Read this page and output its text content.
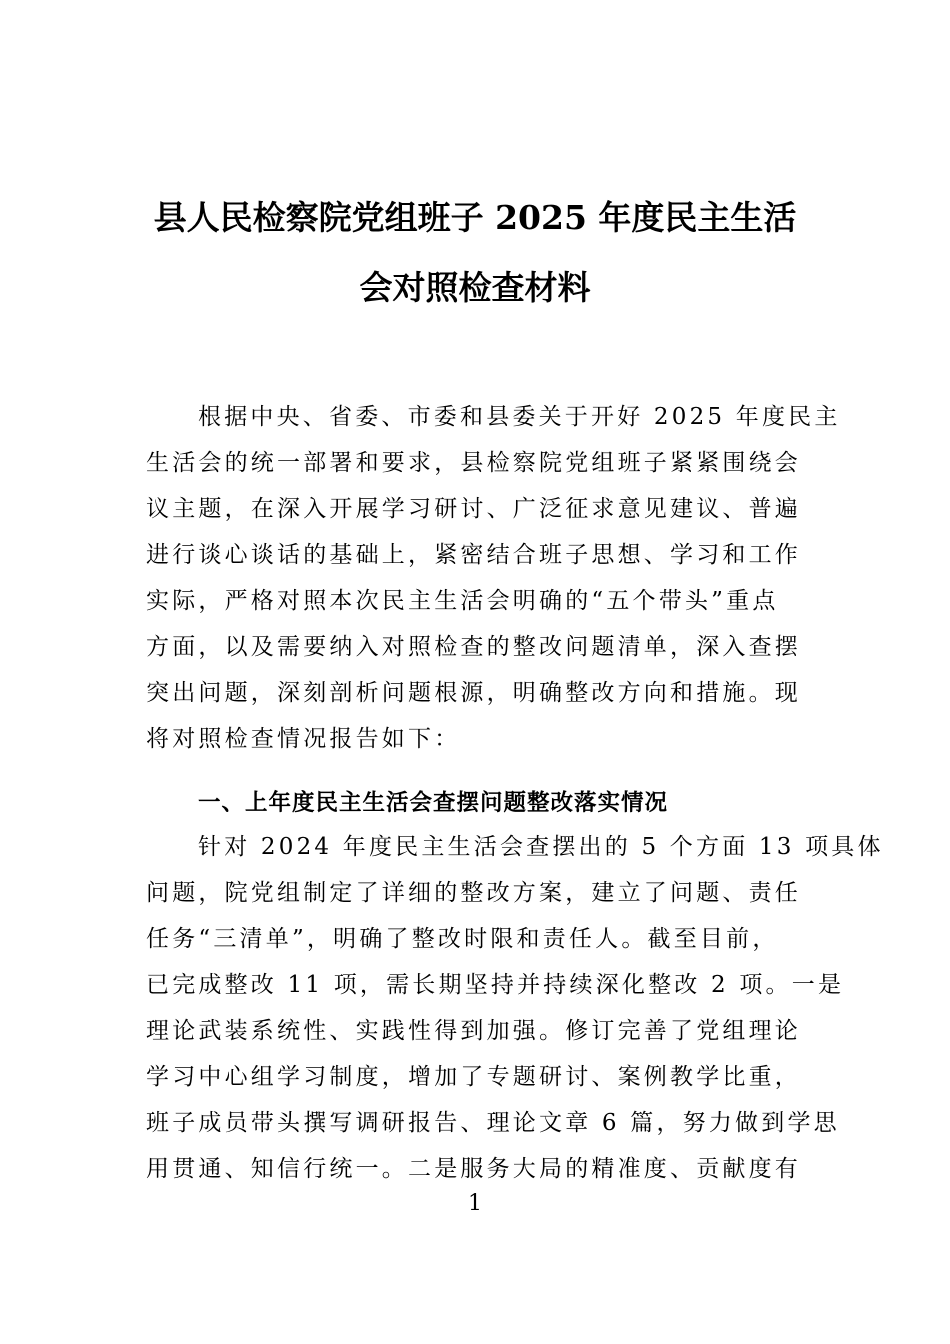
县人民检察院党组班子 2025 年度民主生活
会对照检查材料
根据中央、省委、市委和县委关于开好 2025 年度民主
生活会的统一部署和要求，县检察院党组班子紧紧围绕会
议主题，在深入开展学习研讨、广泛征求意见建议、普遍
进行谈心谈话的基础上，紧密结合班子思想、学习和工作
实际，严格对照本次民主生活会明确的“五个带头”重点
方面，以及需要纳入对照检查的整改问题清单，深入查摆
突出问题，深刻剖析问题根源，明确整改方向和措施。现
将对照检查情况报告如下：
一、上年度民主生活会查摆问题整改落实情况
针对 2024 年度民主生活会查摆出的 5 个方面 13 项具体
问题，院党组制定了详细的整改方案，建立了问题、责任
任务“三清单”，明确了整改时限和责任人。截至目前，
已完成整改 11 项，需长期坚持并持续深化整改 2 项。一是
理论武装系统性、实践性得到加强。修订完善了党组理论
学习中心组学习制度，增加了专题研讨、案例教学比重，
班子成员带头撰写调研报告、理论文章 6 篇，努力做到学思
用贯通、知信行统一。二是服务大局的精准度、贡献度有

1
